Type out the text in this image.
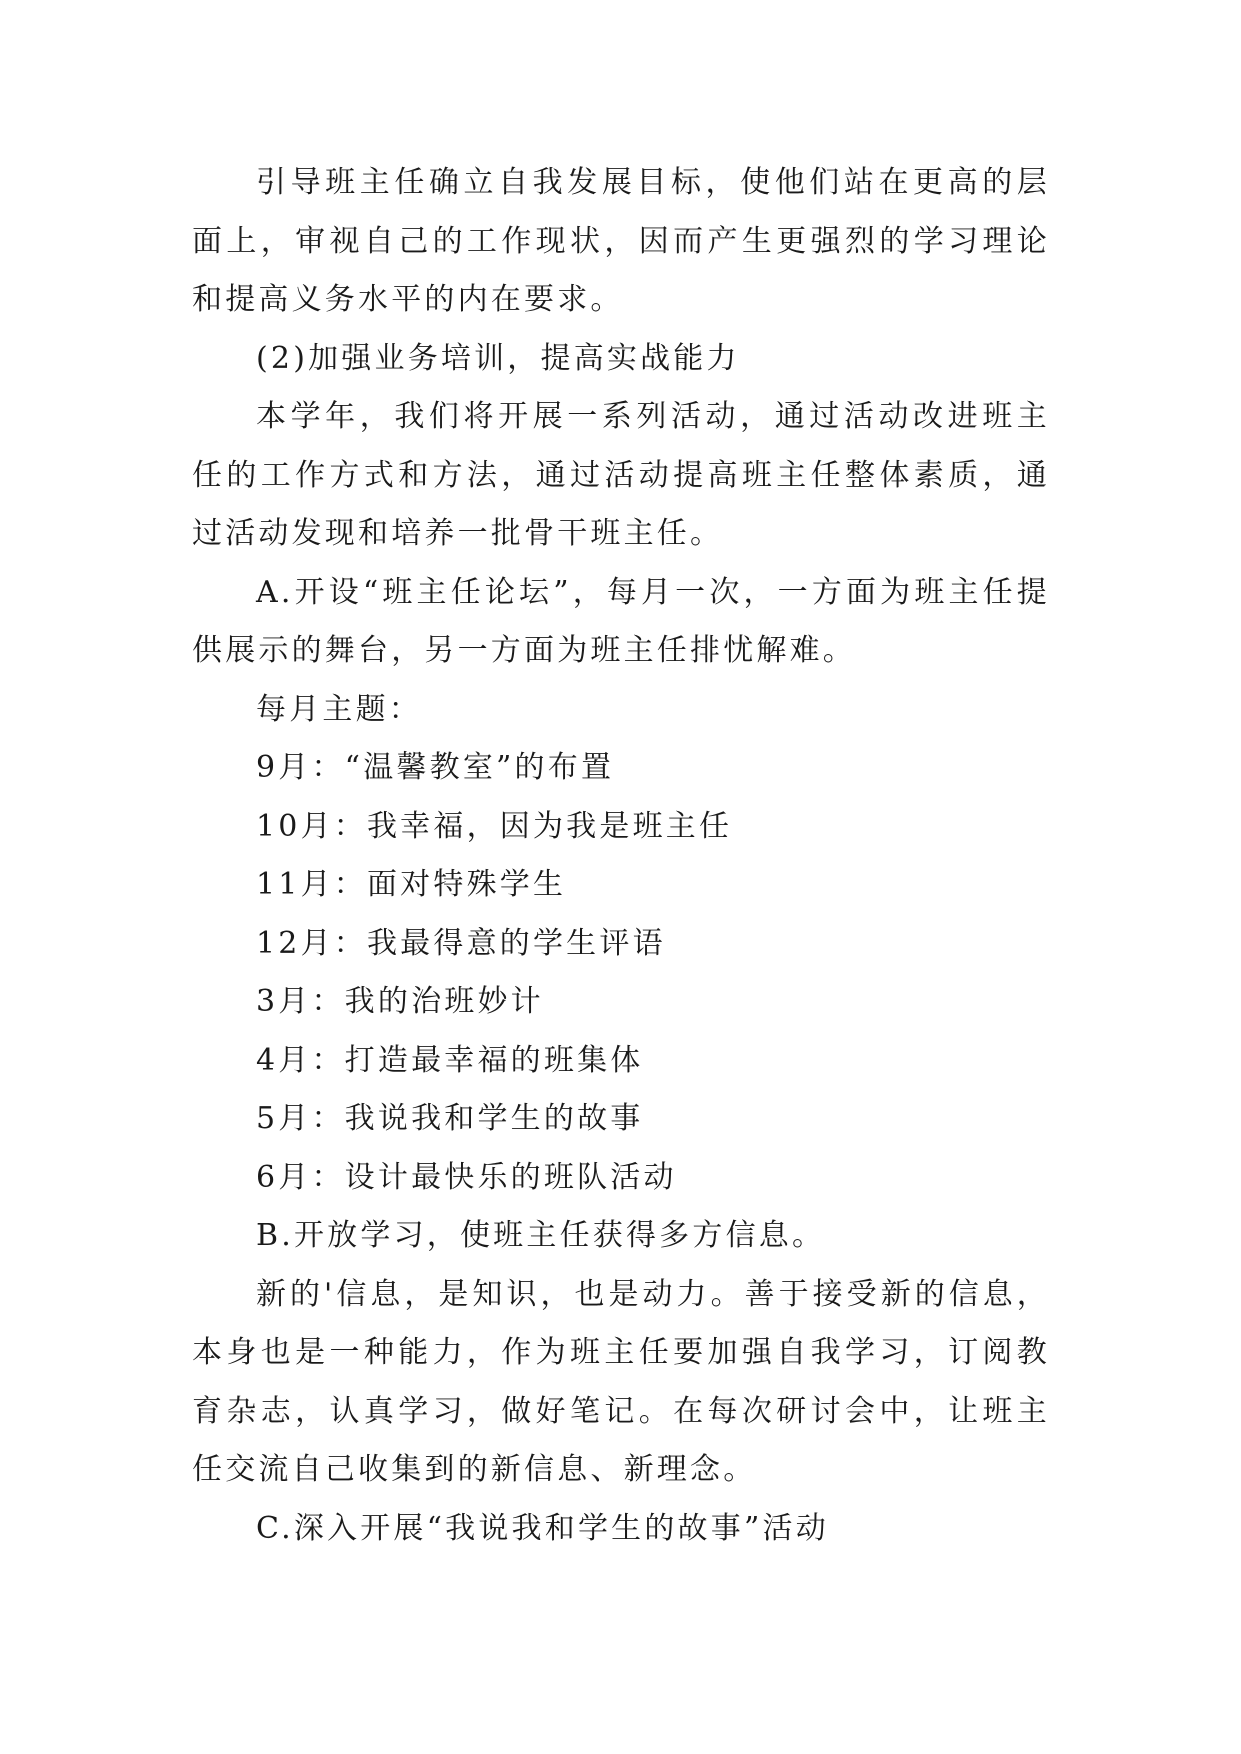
引导班主任确立自我发展目标，使他们站在更高的层面上，审视自己的工作现状，因而产生更强烈的学习理论和提高义务水平的内在要求。

(2)加强业务培训，提高实战能力

本学年，我们将开展一系列活动，通过活动改进班主任的工作方式和方法，通过活动提高班主任整体素质，通过活动发现和培养一批骨干班主任。

A.开设“班主任论坛”，每月一次，一方面为班主任提供展示的舞台，另一方面为班主任排忧解难。

每月主题：

9月：“温馨教室”的布置

10月：我幸福，因为我是班主任

11月：面对特殊学生

12月：我最得意的学生评语

3月：我的治班妙计

4月：打造最幸福的班集体

5月：我说我和学生的故事

6月：设计最快乐的班队活动

B.开放学习，使班主任获得多方信息。

新的'信息，是知识，也是动力。善于接受新的信息，本身也是一种能力，作为班主任要加强自我学习，订阅教育杂志，认真学习，做好笔记。在每次研讨会中，让班主任交流自己收集到的新信息、新理念。

C.深入开展“我说我和学生的故事”活动
